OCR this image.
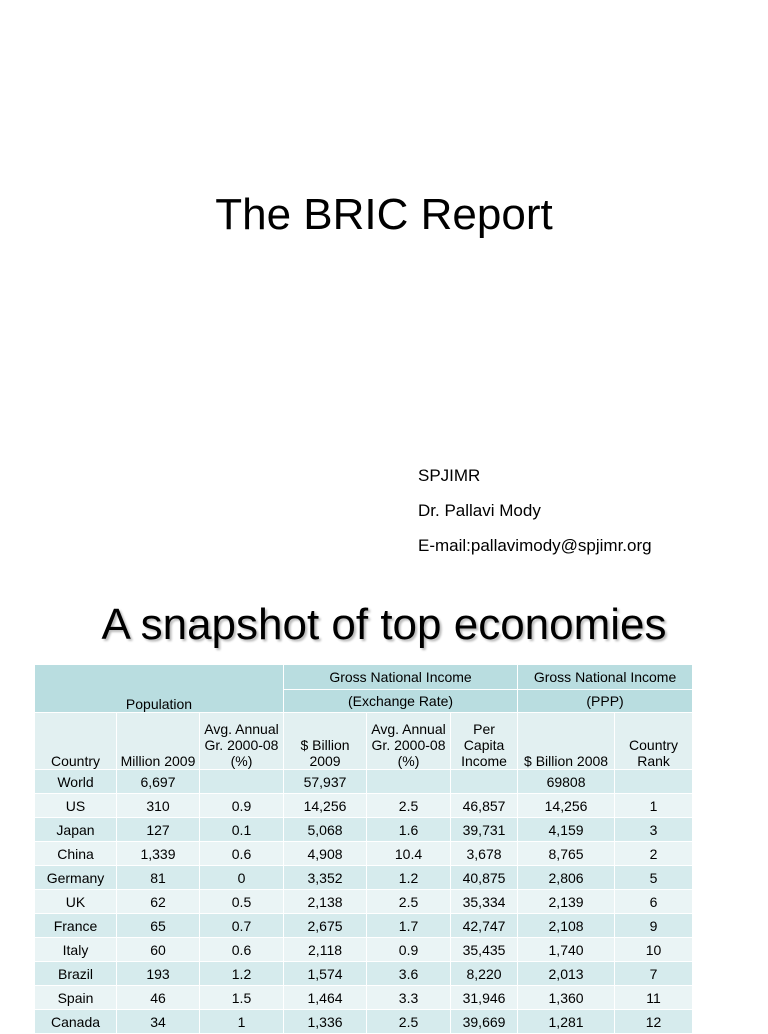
The BRIC Report
SPJIMR
Dr. Pallavi Mody
E-mail:pallavimody@spjimr.org
A snapshot of top economies
Population			Gross National Income			Gross National Income	
			(Exchange Rate)			(PPP)	
Country	Million 2009	Avg. Annual Gr. 2000-08 (%)	$ Billion 2009	Avg. Annual Gr. 2000-08 (%)	Per Capita Income	$ Billion 2008	Country Rank
World	6,697		57,937			69808	
US	310	0.9	14,256	2.5	46,857	14,256	1
Japan	127	0.1	5,068	1.6	39,731	4,159	3
China	1,339	0.6	4,908	10.4	3,678	8,765	2
Germany	81	0	3,352	1.2	40,875	2,806	5
UK	62	0.5	2,138	2.5	35,334	2,139	6
France	65	0.7	2,675	1.7	42,747	2,108	9
Italy	60	0.6	2,118	0.9	35,435	1,740	10
Brazil	193	1.2	1,574	3.6	8,220	2,013	7
Spain	46	1.5	1,464	3.3	31,946	1,360	11
Canada	34	1	1,336	2.5	39,669	1,281	12
